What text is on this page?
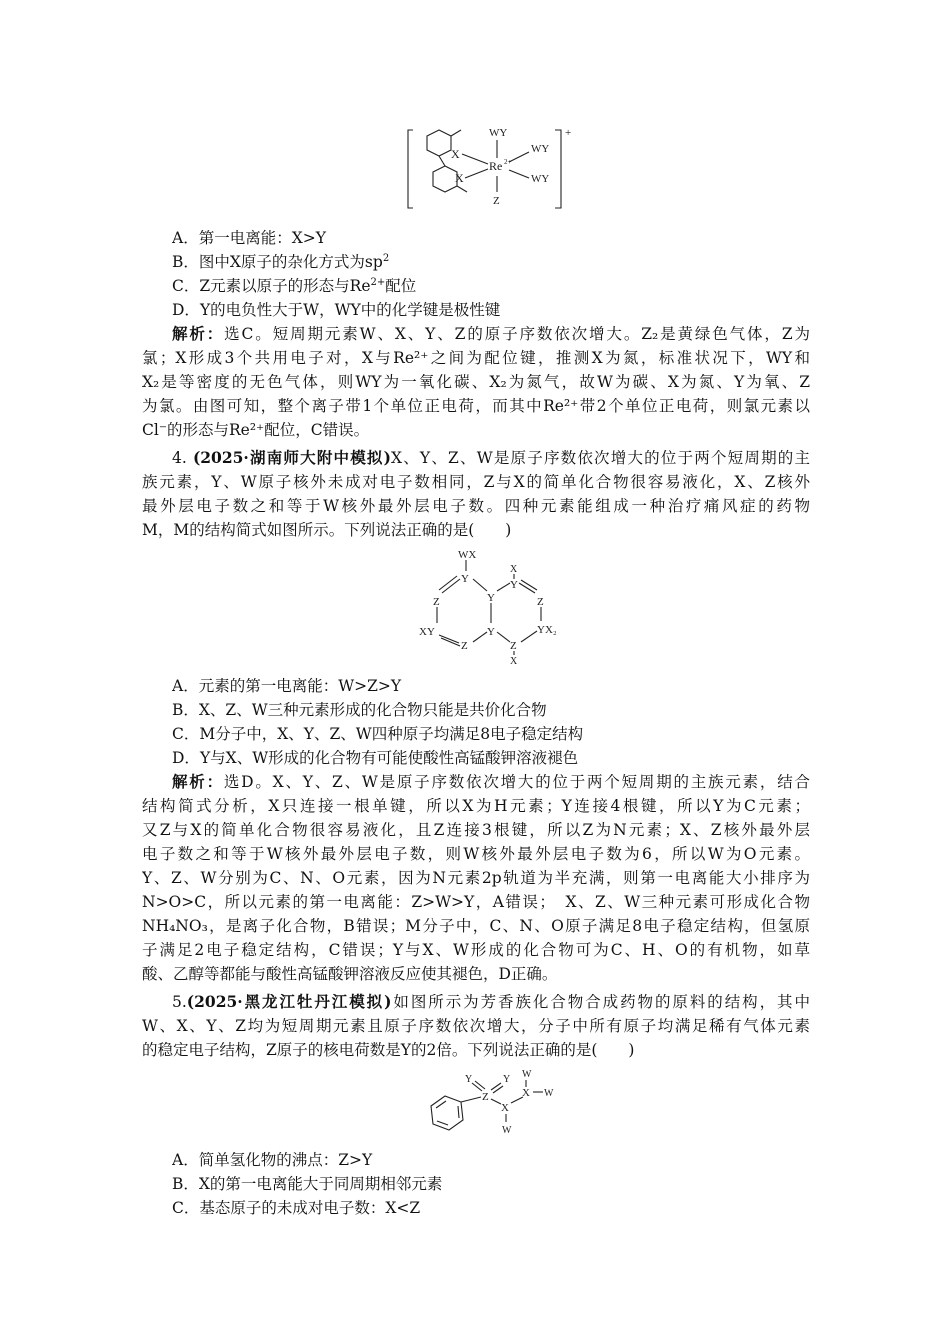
+
X
X
Re 2+
WY
WY
WY
Z
A．第一电离能：X>Y
B．图中X原子的杂化方式为$sp^2$
C．Z元素以原子的形态与$Re^{2+}$配位
D．Y的电负性大于W，WY中的化学键是极性键
解析：选C。短周期元素W、X、Y、Z的原子序数依次增大。Z₂是黄绿色气体，Z为
氯；X形成3个共用电子对，X与Re²⁺之间为配位键，推测X为氮，标准状况下，WY和
X₂是等密度的无色气体，则WY为一氧化碳、X₂为氮气，故W为碳、X为氮、Y为氧、Z
为氯。由图可知，整个离子带1个单位正电荷，而其中Re²⁺带2个单位正电荷，则氯元素以
Cl⁻的形态与Re²⁺配位，C错误。
4. (2025·湖南师大附中模拟)X、Y、Z、W是原子序数依次增大的位于两个短周期的主
族元素，Y、W原子核外未成对电子数相同，Z与X的简单化合物很容易液化，X、Z核外
最外层电子数之和等于W核外最外层电子数。四种元素能组成一种治疗痛风症的药物
M，M的结构简式如图所示。下列说法正确的是(　　)
WX
Y
X
Y
Z	Y	Z
XY	Y	YX₂
Z	Z
X
A．元素的第一电离能：W>Z>Y
B．X、Z、W三种元素形成的化合物只能是共价化合物
C．M分子中，X、Y、Z、W四种原子均满足8电子稳定结构
D．Y与X、W形成的化合物有可能使酸性高锰酸钾溶液褪色
解析：选D。X、Y、Z、W是原子序数依次增大的位于两个短周期的主族元素，结合
结构简式分析，X只连接一根单键，所以X为H元素；Y连接4根键，所以Y为C元素；
又Z与X的简单化合物很容易液化，且Z连接3根键，所以Z为N元素；X、Z核外最外层
电子数之和等于W核外最外层电子数，则W核外最外层电子数为6，所以W为O元素。
Y、Z、W分别为C、N、O元素，因为N元素2p轨道为半充满，则第一电离能大小排序为
N>O>C，所以元素的第一电离能：Z>W>Y，A错误；　X、Z、W三种元素可形成化合物
NH₄NO₃，是离子化合物，B错误；M分子中，C、N、O原子满足8电子稳定结构，但氢原
子满足2电子稳定结构，C错误；Y与X、W形成的化合物可为C、H、O的有机物，如草
酸、乙醇等都能与酸性高锰酸钾溶液反应使其褪色，D正确。
5.(2025·黑龙江牡丹江模拟)如图所示为芳香族化合物合成药物的原料的结构，其中
W、X、Y、Z均为短周期元素且原子序数依次增大，分子中所有原子均满足稀有气体元素
的稳定电子结构，Z原子的核电荷数是Y的2倍。下列说法正确的是(　　)
Z
Y	Y
X
W
X
W
W
A．简单氢化物的沸点：Z>Y
B．X的第一电离能大于同周期相邻元素
C．基态原子的未成对电子数：X<Z
